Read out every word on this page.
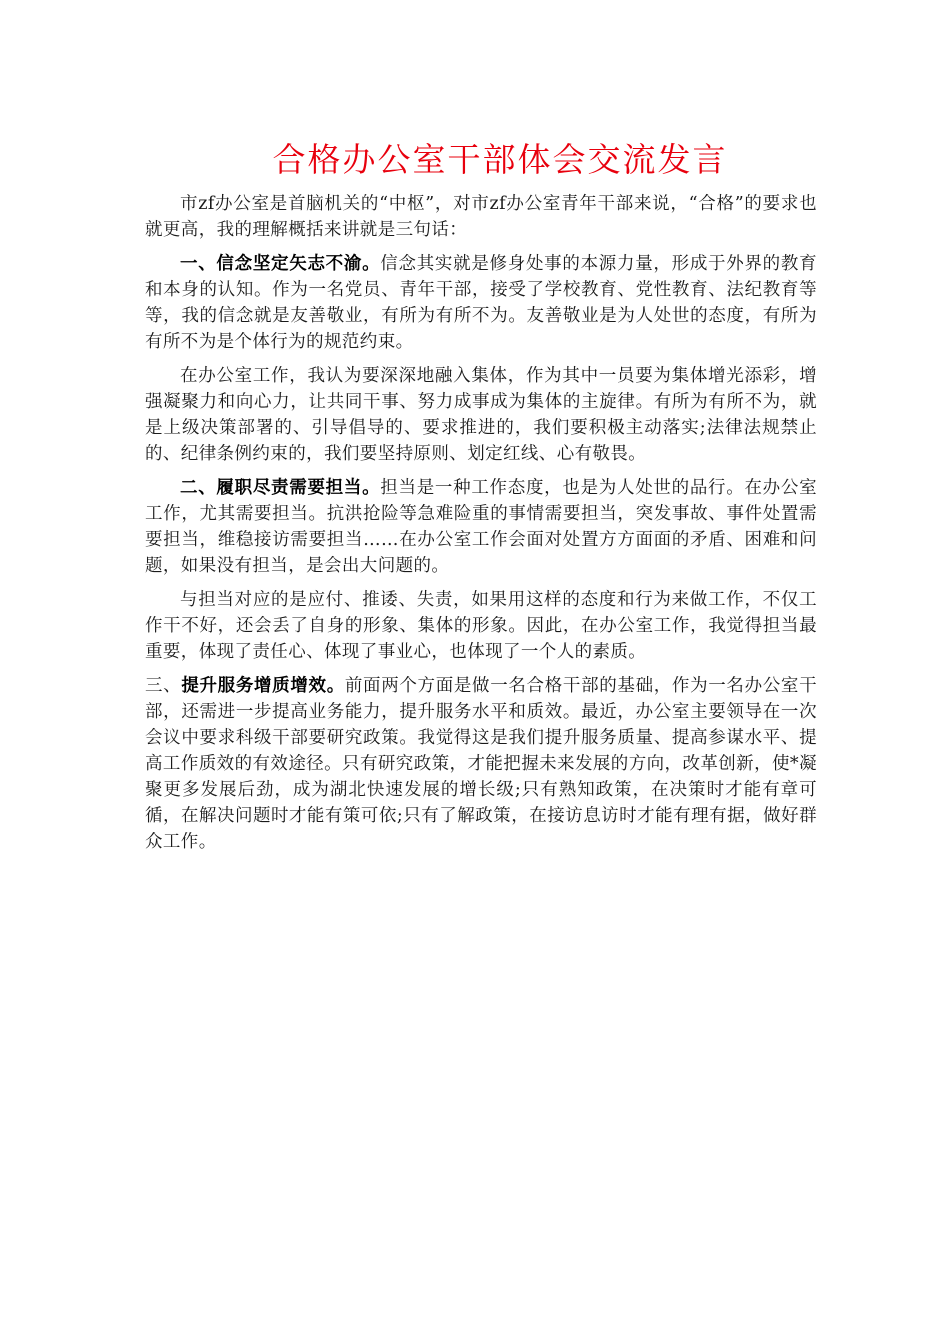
合格办公室干部体会交流发言

市zf办公室是首脑机关的“中枢”，对市zf办公室青年干部来说，“合格”的要求也就更高，我的理解概括来讲就是三句话：

一、信念坚定矢志不渝。信念其实就是修身处事的本源力量，形成于外界的教育和本身的认知。作为一名党员、青年干部，接受了学校教育、党性教育、法纪教育等等，我的信念就是友善敬业，有所为有所不为。友善敬业是为人处世的态度，有所为有所不为是个体行为的规范约束。

在办公室工作，我认为要深深地融入集体，作为其中一员要为集体增光添彩，增强凝聚力和向心力，让共同干事、努力成事成为集体的主旋律。有所为有所不为，就是上级决策部署的、引导倡导的、要求推进的，我们要积极主动落实;法律法规禁止的、纪律条例约束的，我们要坚持原则、划定红线、心有敬畏。

二、履职尽责需要担当。担当是一种工作态度，也是为人处世的品行。在办公室工作，尤其需要担当。抗洪抢险等急难险重的事情需要担当，突发事故、事件处置需要担当，维稳接访需要担当……在办公室工作会面对处置方方面面的矛盾、困难和问题，如果没有担当，是会出大问题的。

与担当对应的是应付、推诿、失责，如果用这样的态度和行为来做工作，不仅工作干不好，还会丢了自身的形象、集体的形象。因此，在办公室工作，我觉得担当最重要，体现了责任心、体现了事业心，也体现了一个人的素质。

三、提升服务增质增效。前面两个方面是做一名合格干部的基础，作为一名办公室干部，还需进一步提高业务能力，提升服务水平和质效。最近，办公室主要领导在一次会议中要求科级干部要研究政策。我觉得这是我们提升服务质量、提高参谋水平、提高工作质效的有效途径。只有研究政策，才能把握未来发展的方向，改革创新，使*凝聚更多发展后劲，成为湖北快速发展的增长级;只有熟知政策，在决策时才能有章可循，在解决问题时才能有策可依;只有了解政策，在接访息访时才能有理有据，做好群众工作。
